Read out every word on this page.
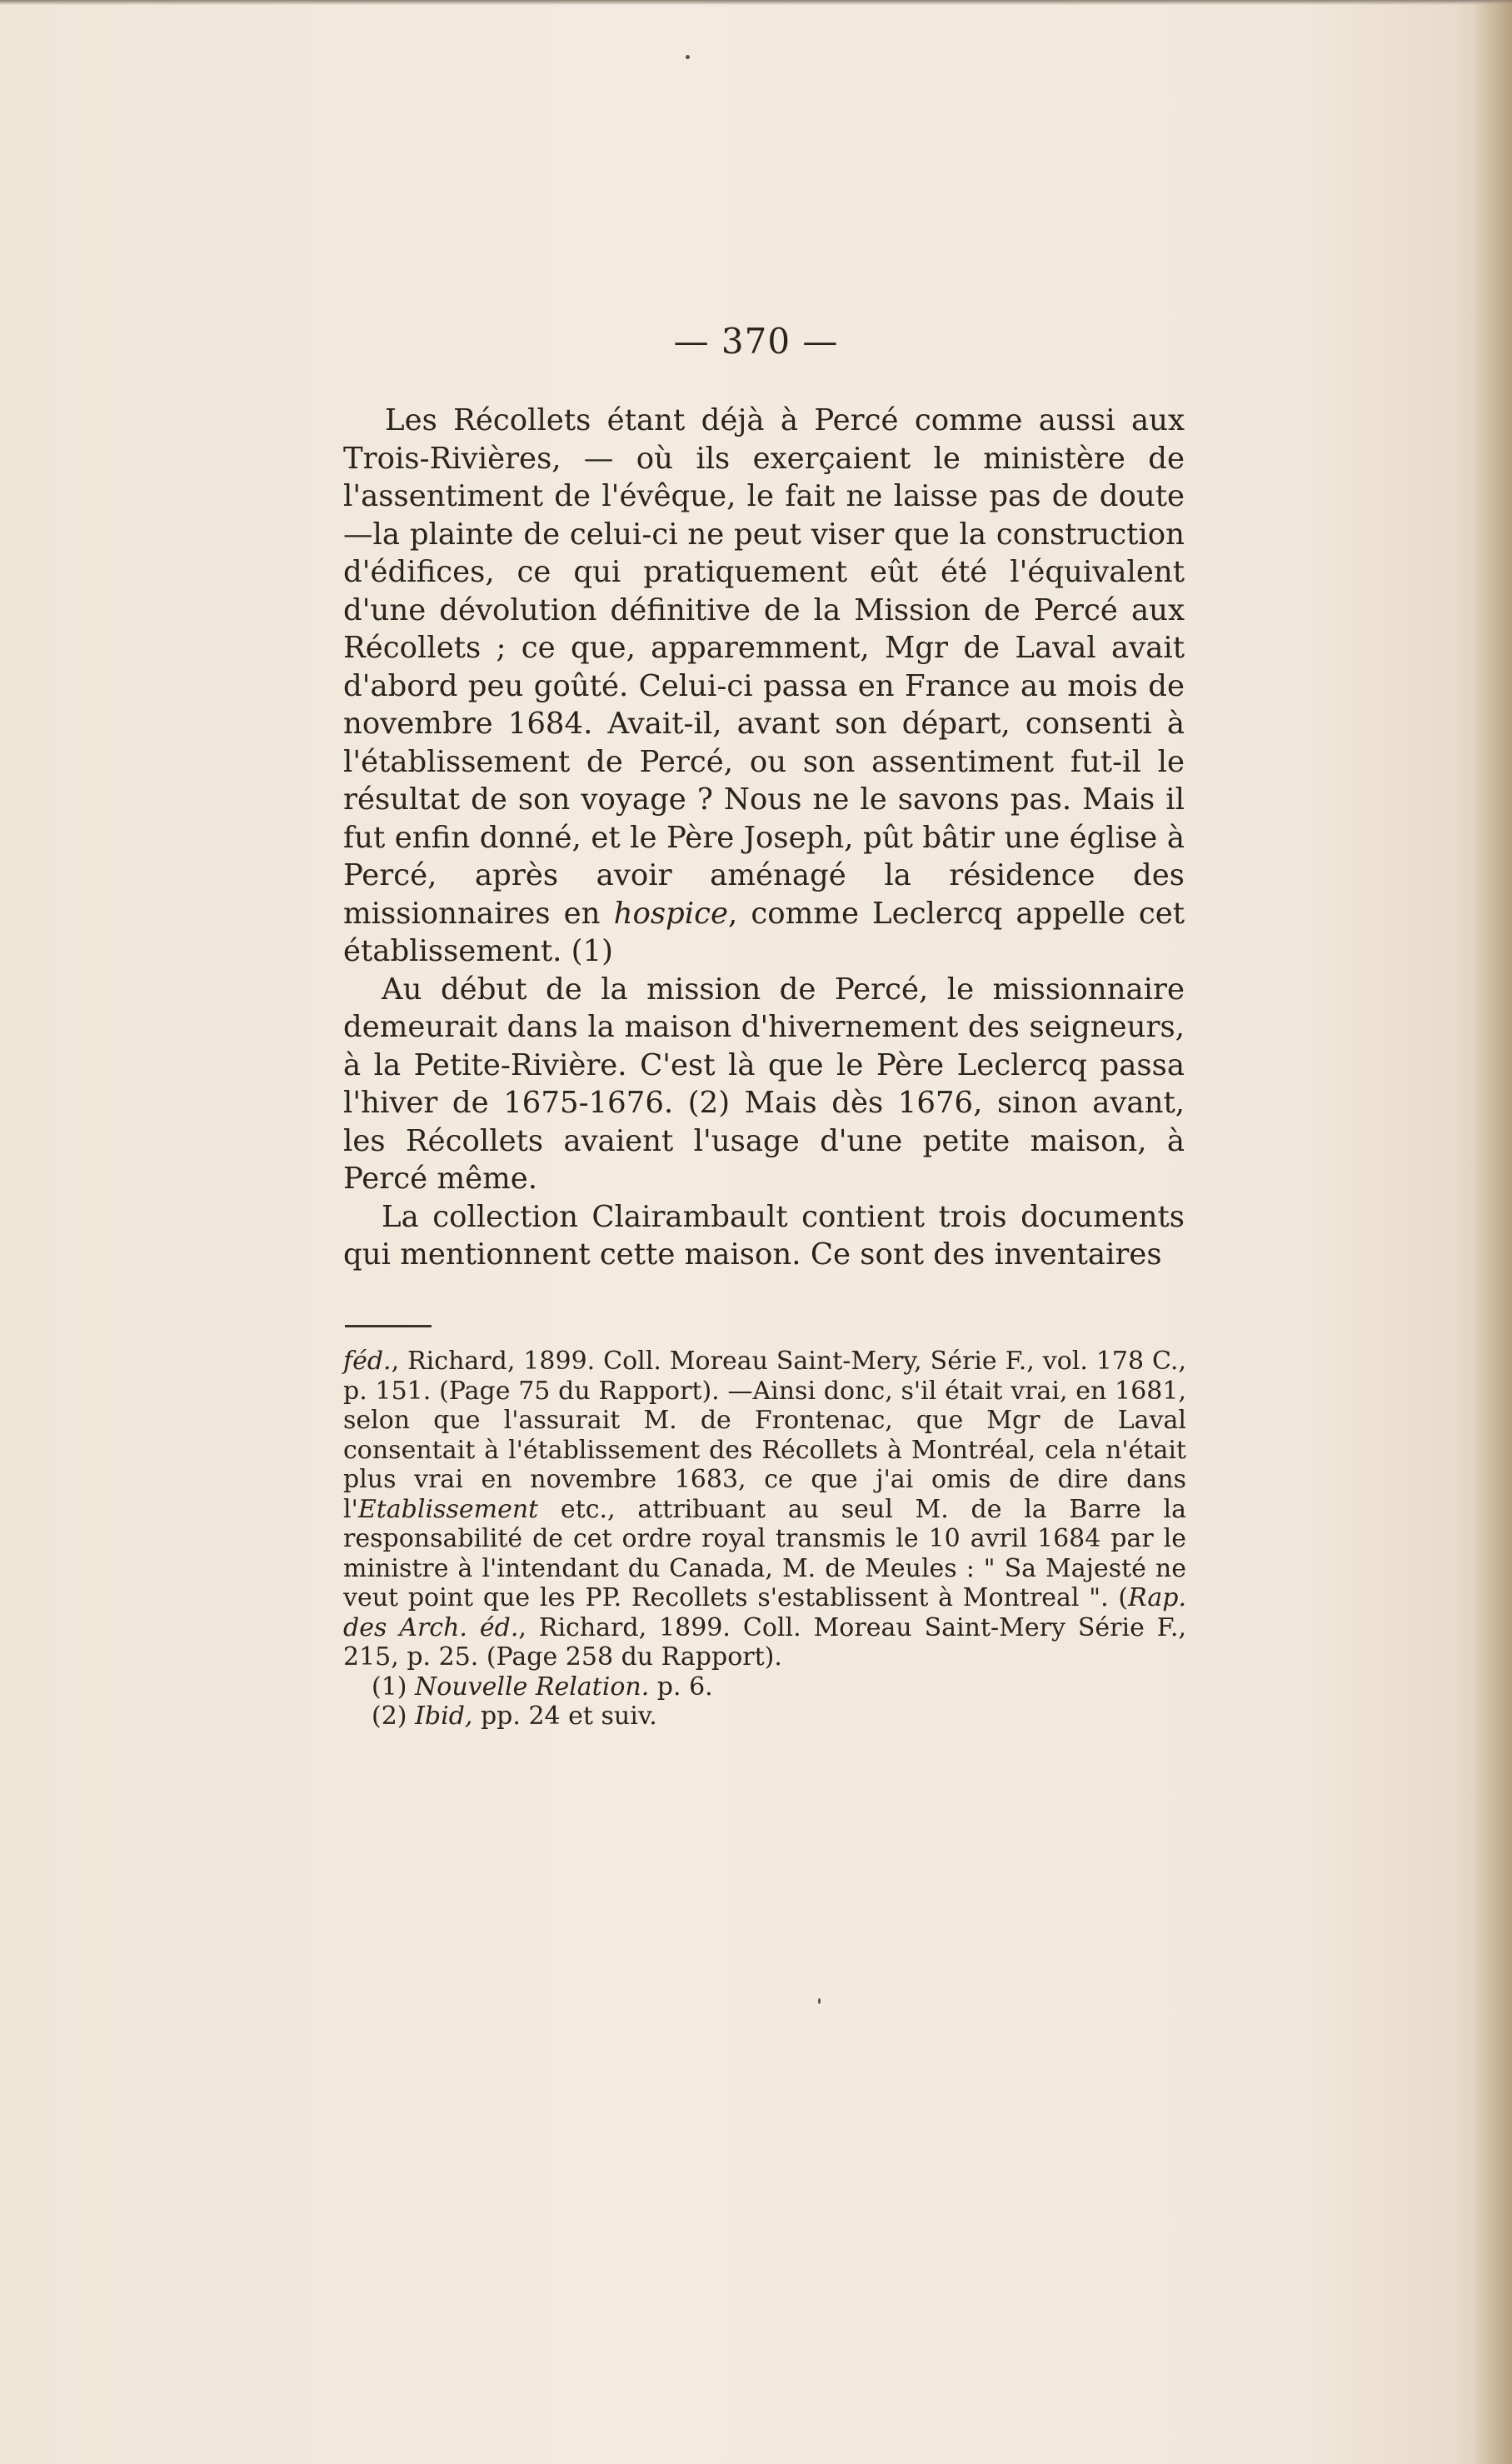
— 370 —

Les Récollets étant déjà à Percé comme aussi aux Trois-Rivières, — où ils exerçaient le ministère de l'assentiment de l'évêque, le fait ne laisse pas de doute —la plainte de celui-ci ne peut viser que la construction d'édifices, ce qui pratiquement eût été l'équivalent d'une dévolution définitive de la Mission de Percé aux Récollets ; ce que, apparemment, Mgr de Laval avait d'abord peu goûté. Celui-ci passa en France au mois de novembre 1684. Avait-il, avant son départ, consenti à l'établissement de Percé, ou son assentiment fut-il le résultat de son voyage ? Nous ne le savons pas. Mais il fut enfin donné, et le Père Joseph, pût bâtir une église à Percé, après avoir aménagé la résidence des missionnaires en hospice, comme Leclercq appelle cet établissement. (1)

Au début de la mission de Percé, le missionnaire demeurait dans la maison d'hivernement des seigneurs, à la Petite-Rivière. C'est là que le Père Leclercq passa l'hiver de 1675-1676. (2) Mais dès 1676, sinon avant, les Récollets avaient l'usage d'une petite maison, à Percé même.

La collection Clairambault contient trois documents qui mentionnent cette maison. Ce sont des inventaires

féd., Richard, 1899. Coll. Moreau Saint-Mery, Série F., vol. 178 C., p. 151. (Page 75 du Rapport). —Ainsi donc, s'il était vrai, en 1681, selon que l'assurait M. de Frontenac, que Mgr de Laval consentait à l'établissement des Récollets à Montréal, cela n'était plus vrai en novembre 1683, ce que j'ai omis de dire dans l'Etablissement etc., attribuant au seul M. de la Barre la responsabilité de cet ordre royal transmis le 10 avril 1684 par le ministre à l'intendant du Canada, M. de Meules : " Sa Majesté ne veut point que les PP. Recollets s'establissent à Montreal ". (Rap. des Arch. éd., Richard, 1899. Coll. Moreau Saint-Mery Série F., 215, p. 25. (Page 258 du Rapport).

(1) Nouvelle Relation. p. 6.

(2) Ibid, pp. 24 et suiv.
